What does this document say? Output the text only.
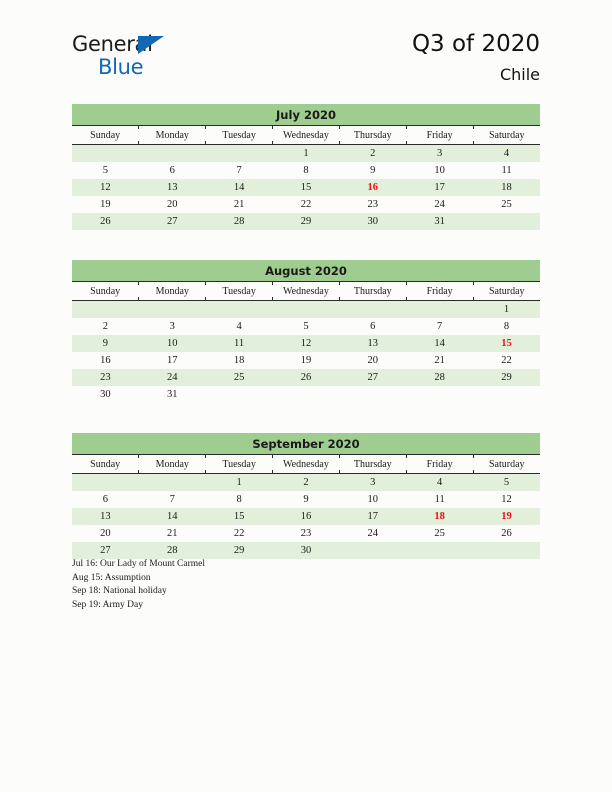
General
Blue
Q3 of 2020
Chile
July 2020						
Sunday	Monday	Tuesday	Wednesday	Thursday	Friday	Saturday
			1	2	3	4
5	6	7	8	9	10	11
12	13	14	15	16	17	18
19	20	21	22	23	24	25
26	27	28	29	30	31	
August 2020						
Sunday	Monday	Tuesday	Wednesday	Thursday	Friday	Saturday
						1
2	3	4	5	6	7	8
9	10	11	12	13	14	15
16	17	18	19	20	21	22
23	24	25	26	27	28	29
30	31					
September 2020						
Sunday	Monday	Tuesday	Wednesday	Thursday	Friday	Saturday
		1	2	3	4	5
6	7	8	9	10	11	12
13	14	15	16	17	18	19
20	21	22	23	24	25	26
27	28	29	30			
Jul 16: Our Lady of Mount Carmel
Aug 15: Assumption
Sep 18: National holiday
Sep 19: Army Day
